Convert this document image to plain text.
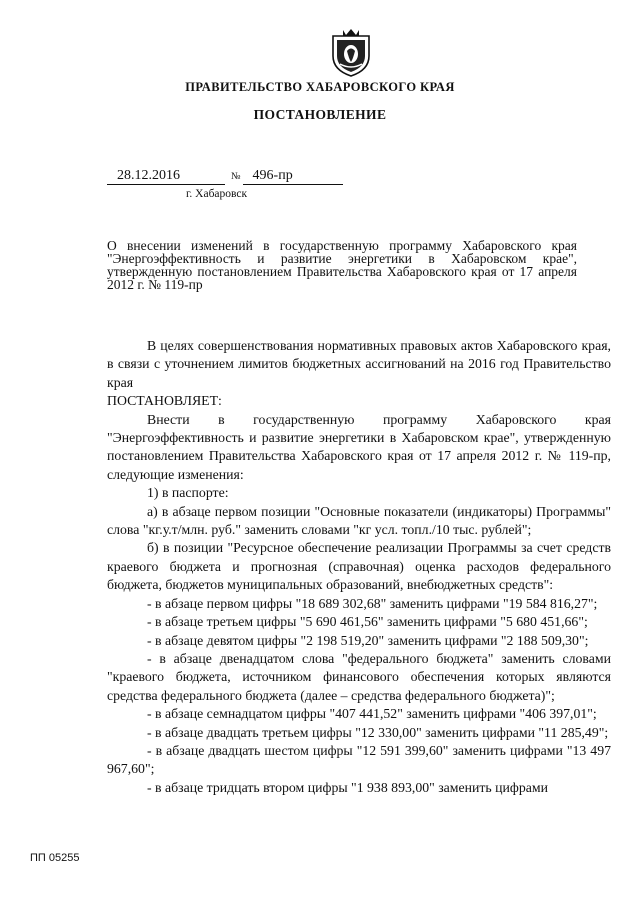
ПРАВИТЕЛЬСТВО ХАБАРОВСКОГО КРАЯ
ПОСТАНОВЛЕНИЕ
28.12.2016	№ 496-пр
г. Хабаровск
О внесении изменений в государственную программу Хабаровского края "Энергоэффективность и развитие энергетики в Хабаровском крае", утвержденную постановлением Правительства Хабаровского края от 17 апреля 2012 г. № 119-пр

В целях совершенствования нормативных правовых актов Хабаровского края, в связи с уточнением лимитов бюджетных ассигнований на 2016 год Правительство края

ПОСТАНОВЛЯЕТ:

Внести в государственную программу Хабаровского края "Энергоэффективность и развитие энергетики в Хабаровском крае", утвержденную постановлением Правительства Хабаровского края от 17 апреля 2012 г. № 119-пр, следующие изменения:

1) в паспорте:

а) в абзаце первом позиции "Основные показатели (индикаторы) Программы" слова "кг.у.т/млн. руб." заменить словами "кг усл. топл./10 тыс. рублей";

б) в позиции "Ресурсное обеспечение реализации Программы за счет средств краевого бюджета и прогнозная (справочная) оценка расходов федерального бюджета, бюджетов муниципальных образований, внебюджетных средств":

- в абзаце первом цифры "18 689 302,68" заменить цифрами "19 584 816,27";

- в абзаце третьем цифры "5 690 461,56" заменить цифрами "5 680 451,66";

- в абзаце девятом цифры "2 198 519,20" заменить цифрами "2 188 509,30";

- в абзаце двенадцатом слова "федерального бюджета" заменить словами "краевого бюджета, источником финансового обеспечения которых являются средства федерального бюджета (далее – средства федерального бюджета)";

- в абзаце семнадцатом цифры "407 441,52" заменить цифрами "406 397,01";

- в абзаце двадцать третьем цифры "12 330,00" заменить цифрами "11 285,49";

- в абзаце двадцать шестом цифры "12 591 399,60" заменить цифрами "13 497 967,60";

- в абзаце тридцать втором цифры "1 938 893,00" заменить цифрами

ПП 05255
